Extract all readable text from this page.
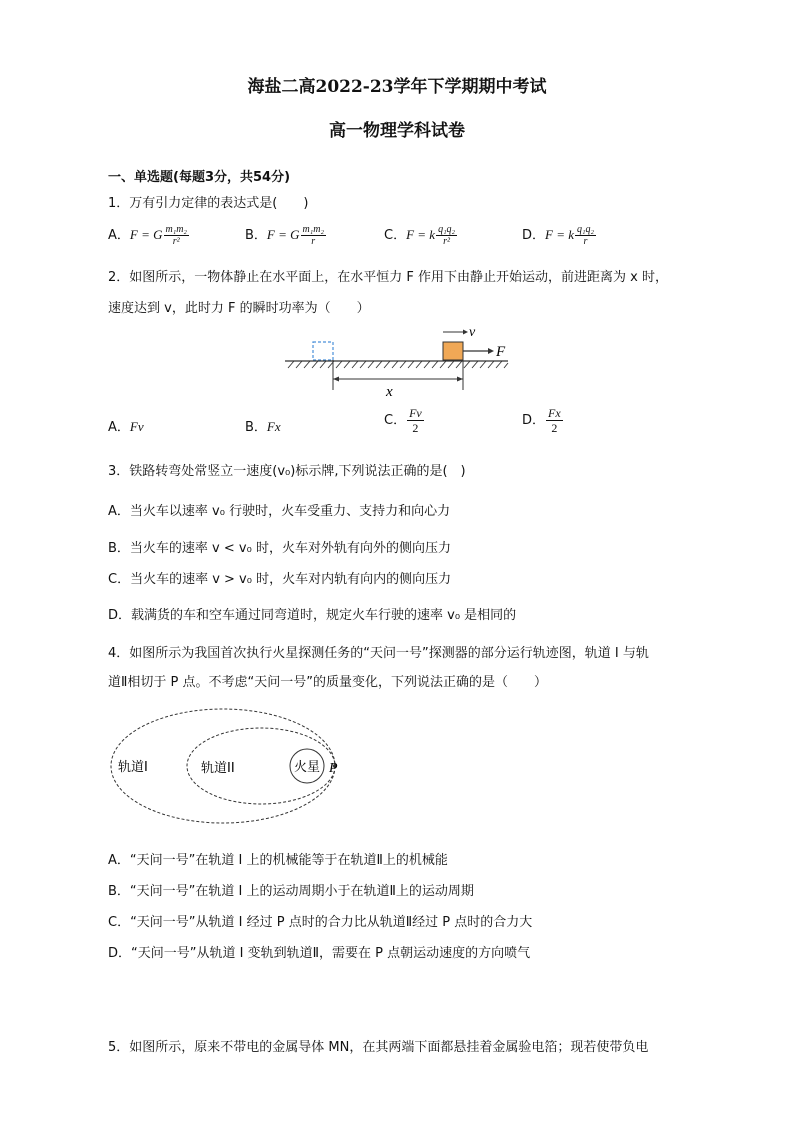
海盐二高2022-23学年下学期期中考试
高一物理学科试卷
一、单选题(每题3分，共54分)
1．万有引力定律的表达式是(　　)
A．F = G $\frac{\text{m₁m₂}}{\text{r²}}$	B．F = G $\frac{\text{m₁m₂}}{r}$	C．F = k $\frac{\text{q₁q₂}}{\text{r²}}$	D．F = k $\frac{\text{q₁q₂}}{r}$
2．如图所示，一物体静止在水平面上，在水平恒力 F 作用下由静止开始运动，前进距离为 x 时，
速度达到 v，此时力 F 的瞬时功率为（　　）
F
v
x
A．Fv	B．Fx	C． $\frac{Fv}{2}$	D． $\frac{Fx}{2}$
3．铁路转弯处常竖立一速度(v₀)标示牌,下列说法正确的是(　)
A．当火车以速率 v₀ 行驶时，火车受重力、支持力和向心力
B．当火车的速率 v < v₀ 时，火车对外轨有向外的侧向压力
C．当火车的速率 v > v₀ 时，火车对内轨有向内的侧向压力
D．载满货的车和空车通过同弯道时，规定火车行驶的速率 v₀ 是相同的
4．如图所示为我国首次执行火星探测任务的“天问一号”探测器的部分运行轨迹图，轨道 I 与轨
道Ⅱ相切于 P 点。不考虑“天问一号”的质量变化，下列说法正确的是（　　）
轨道I	轨道II	火星 P
A．“天问一号”在轨道 I 上的机械能等于在轨道Ⅱ上的机械能
B．“天问一号”在轨道 I 上的运动周期小于在轨道Ⅱ上的运动周期
C．“天问一号”从轨道 I 经过 P 点时的合力比从轨道Ⅱ经过 P 点时的合力大
D．“天问一号”从轨道 I 变轨到轨道Ⅱ，需要在 P 点朝运动速度的方向喷气
5．如图所示，原来不带电的金属导体 MN，在其两端下面都悬挂着金属验电箔；现若使带负电
